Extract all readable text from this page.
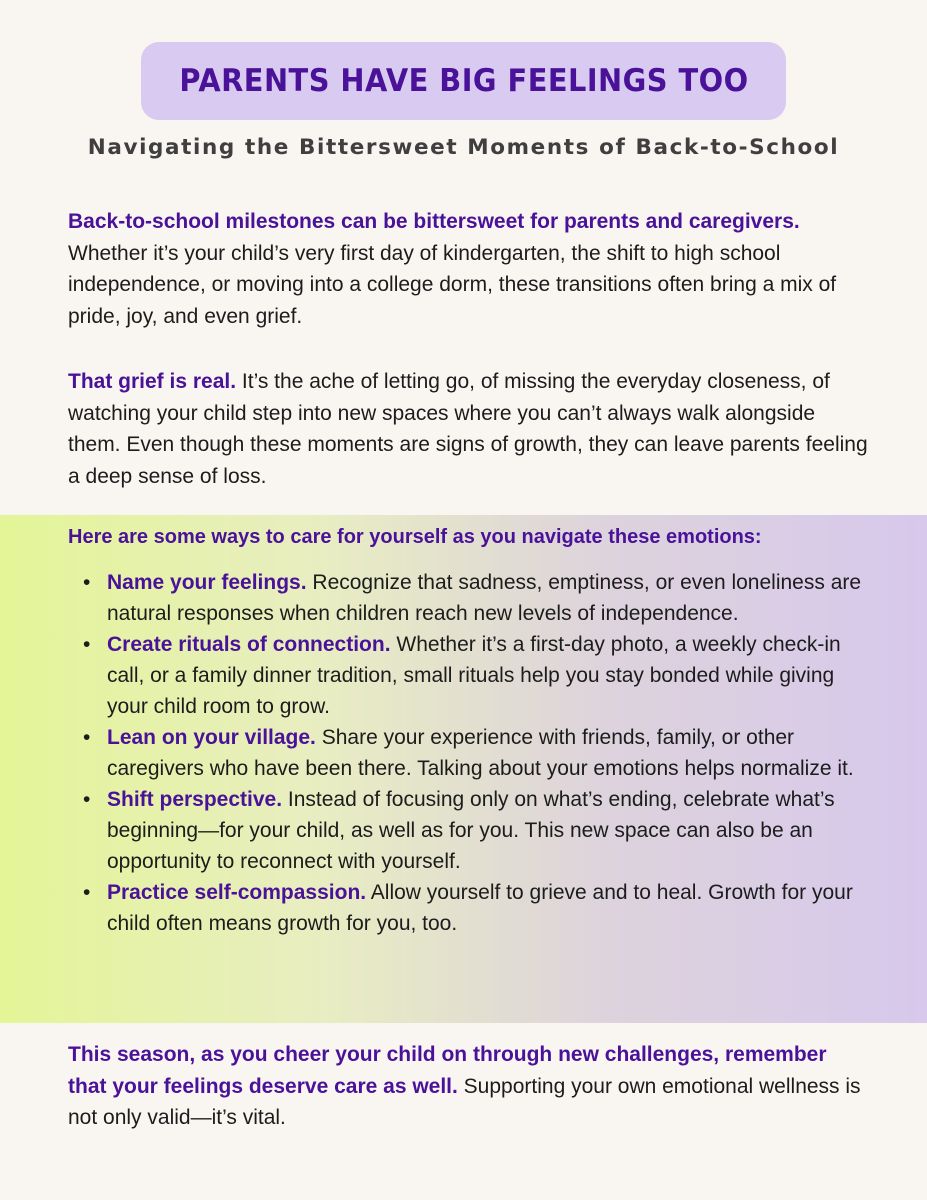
PARENTS HAVE BIG FEELINGS TOO
Navigating the Bittersweet Moments of Back-to-School

Back-to-school milestones can be bittersweet for parents and caregivers. Whether it’s your child’s very first day of kindergarten, the shift to high school independence, or moving into a college dorm, these transitions often bring a mix of pride, joy, and even grief.

That grief is real. It’s the ache of letting go, of missing the everyday closeness, of watching your child step into new spaces where you can’t always walk alongside them. Even though these moments are signs of growth, they can leave parents feeling a deep sense of loss.

Here are some ways to care for yourself as you navigate these emotions:

• Name your feelings. Recognize that sadness, emptiness, or even loneliness are natural responses when children reach new levels of independence.
• Create rituals of connection. Whether it’s a first-day photo, a weekly check-in call, or a family dinner tradition, small rituals help you stay bonded while giving your child room to grow.
• Lean on your village. Share your experience with friends, family, or other caregivers who have been there. Talking about your emotions helps normalize it.
• Shift perspective. Instead of focusing only on what’s ending, celebrate what’s beginning—for your child, as well as for you. This new space can also be an opportunity to reconnect with yourself.
• Practice self-compassion. Allow yourself to grieve and to heal. Growth for your child often means growth for you, too.

This season, as you cheer your child on through new challenges, remember that your feelings deserve care as well. Supporting your own emotional wellness is not only valid—it’s vital.
